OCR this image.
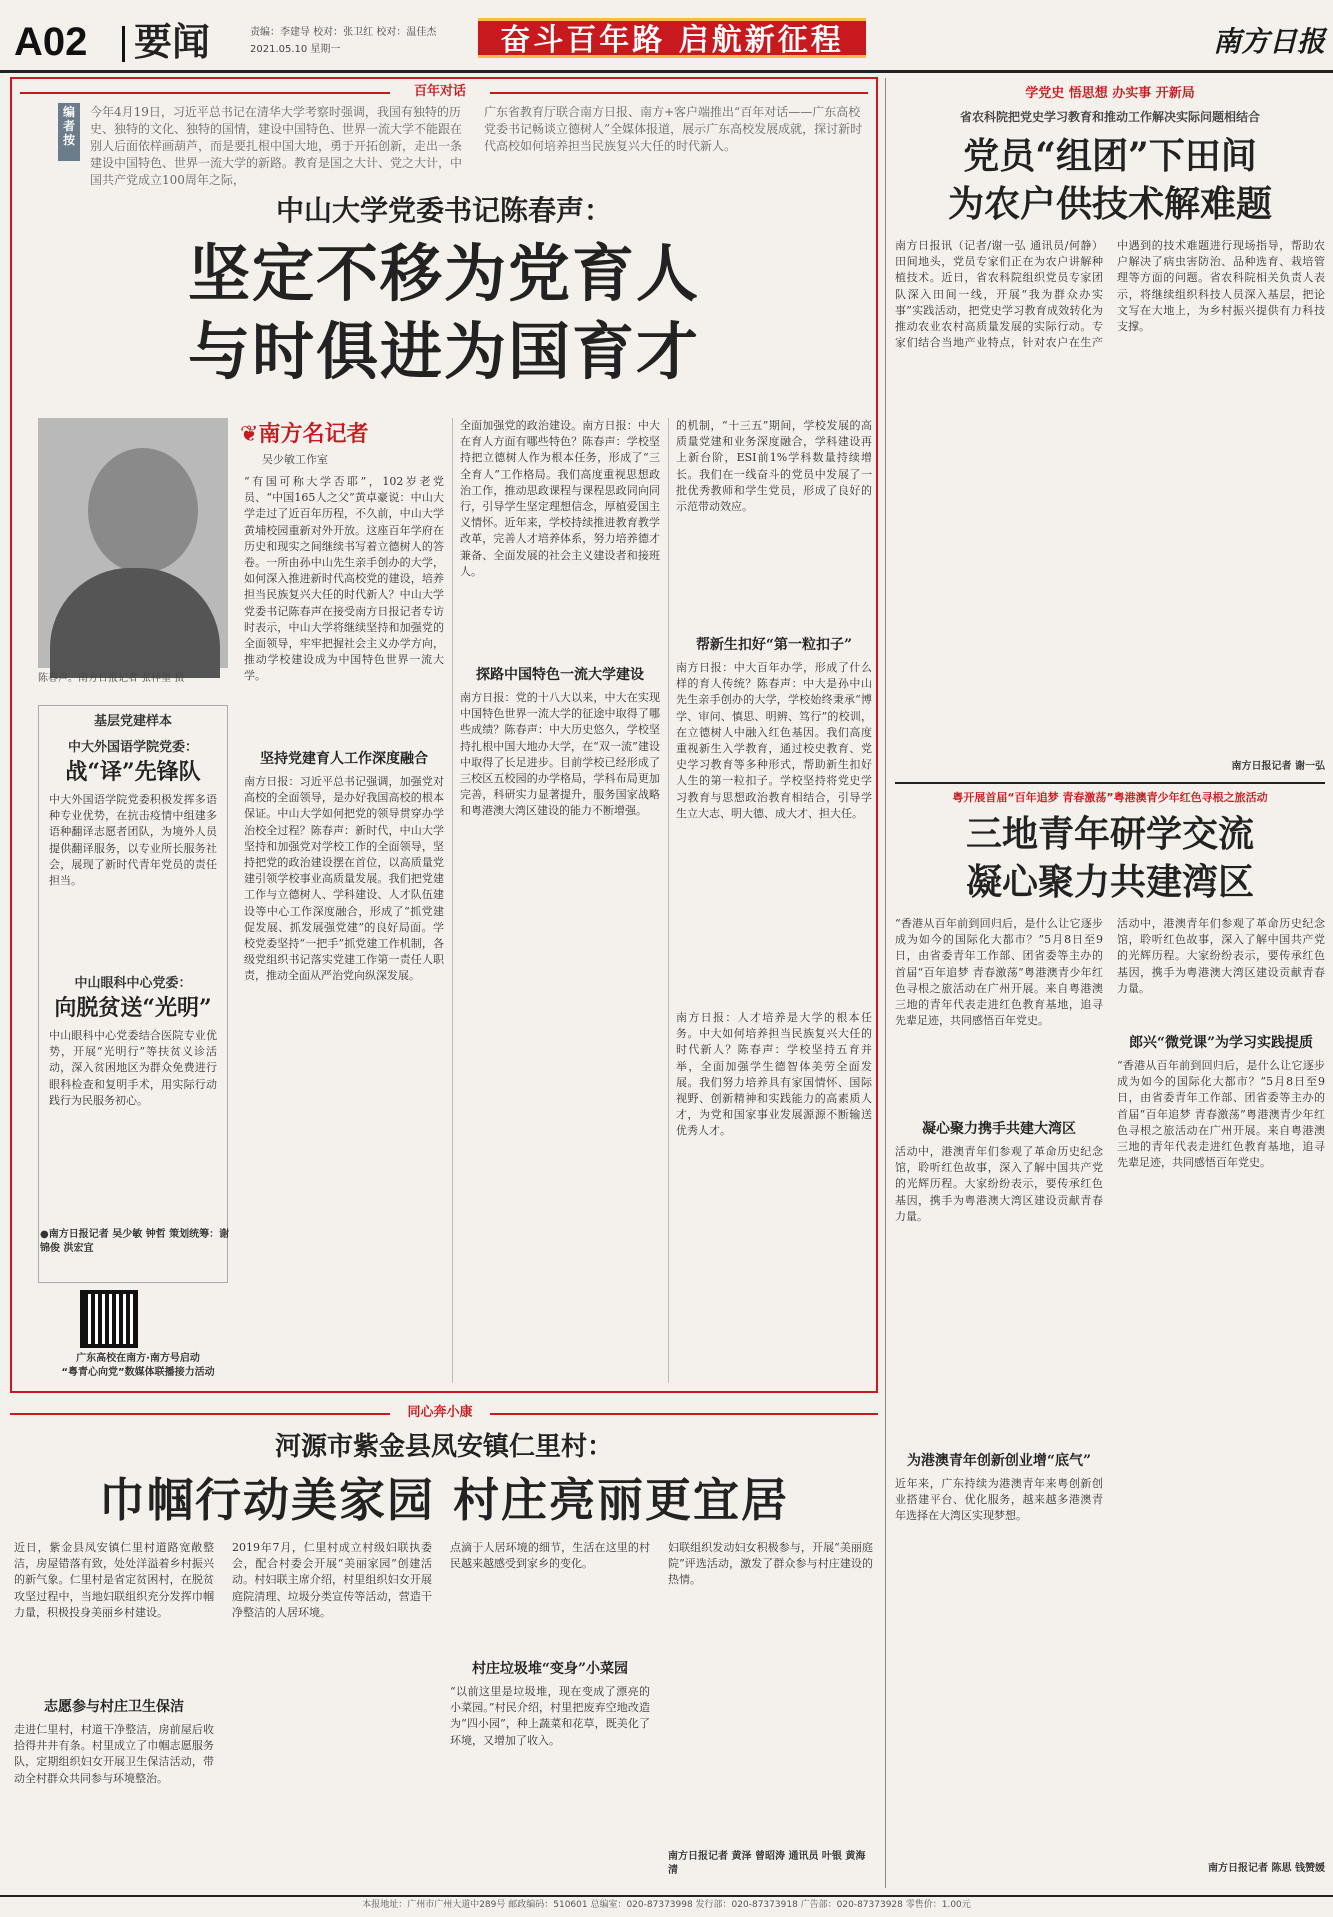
A02 要闻	责编：李建导 校对：张卫红 校对：温佳杰
2021.05.10 星期一	奋斗百年路 启航新征程	南方日报
百年对话
编者按
今年4月19日，习近平总书记在清华大学考察时强调，我国有独特的历史、独特的文化、独特的国情，建设中国特色、世界一流大学不能跟在别人后面依样画葫芦，而是要扎根中国大地，勇于开拓创新，走出一条建设中国特色、世界一流大学的新路。教育是国之大计、党之大计，中国共产党成立100周年之际，
广东省教育厅联合南方日报、南方+客户端推出“百年对话——广东高校党委书记畅谈立德树人”全媒体报道，展示广东高校发展成就，探讨新时代高校如何培养担当民族复兴大任的时代新人。
中山大学党委书记陈春声：
坚定不移为党育人
与时俱进为国育才
陈春声。南方日报记者 张梓望 摄
❦南方名记者
吴少敏工作室
基层党建样本
中大外国语学院党委：
战“译”先锋队
中大外国语学院党委积极发挥多语种专业优势，在抗击疫情中组建多语种翻译志愿者团队，为境外人员提供翻译服务，以专业所长服务社会，展现了新时代青年党员的责任担当。
中山眼科中心党委：
向脱贫送“光明”
中山眼科中心党委结合医院专业优势，开展“光明行”等扶贫义诊活动，深入贫困地区为群众免费进行眼科检查和复明手术，用实际行动践行为民服务初心。
●南方日报记者 吴少敏 钟哲 策划统筹：谢锦俊 洪宏宜
广东高校在南方·南方号启动
“粤青心向党”数媒体联播接力活动
“有国可称大学否耶”，102岁老党员、“中国165人之父”黄卓豪说：中山大学走过了近百年历程，不久前，中山大学黄埔校园重新对外开放。这座百年学府在历史和现实之间继续书写着立德树人的答卷。一所由孙中山先生亲手创办的大学，如何深入推进新时代高校党的建设，培养担当民族复兴大任的时代新人？中山大学党委书记陈春声在接受南方日报记者专访时表示，中山大学将继续坚持和加强党的全面领导，牢牢把握社会主义办学方向，推动学校建设成为中国特色世界一流大学。
坚持党建育人工作深度融合
南方日报：习近平总书记强调，加强党对高校的全面领导，是办好我国高校的根本保证。中山大学如何把党的领导贯穿办学治校全过程？陈春声：新时代，中山大学坚持和加强党对学校工作的全面领导，坚持把党的政治建设摆在首位，以高质量党建引领学校事业高质量发展。我们把党建工作与立德树人、学科建设、人才队伍建设等中心工作深度融合，形成了“抓党建促发展、抓发展强党建”的良好局面。学校党委坚持“一把手”抓党建工作机制，各级党组织书记落实党建工作第一责任人职责，推动全面从严治党向纵深发展。
全面加强党的政治建设。南方日报：中大在育人方面有哪些特色？陈春声：学校坚持把立德树人作为根本任务，形成了“三全育人”工作格局。我们高度重视思想政治工作，推动思政课程与课程思政同向同行，引导学生坚定理想信念，厚植爱国主义情怀。近年来，学校持续推进教育教学改革，完善人才培养体系，努力培养德才兼备、全面发展的社会主义建设者和接班人。
探路中国特色一流大学建设
南方日报：党的十八大以来，中大在实现中国特色世界一流大学的征途中取得了哪些成绩？陈春声：中大历史悠久，学校坚持扎根中国大地办大学，在“双一流”建设中取得了长足进步。目前学校已经形成了三校区五校园的办学格局，学科布局更加完善，科研实力显著提升，服务国家战略和粤港澳大湾区建设的能力不断增强。
的机制，“十三五”期间，学校发展的高质量党建和业务深度融合，学科建设再上新台阶，ESI前1%学科数量持续增长。我们在一线奋斗的党员中发展了一批优秀教师和学生党员，形成了良好的示范带动效应。
帮新生扣好“第一粒扣子”
南方日报：中大百年办学，形成了什么样的育人传统？陈春声：中大是孙中山先生亲手创办的大学，学校始终秉承“博学、审问、慎思、明辨、笃行”的校训，在立德树人中融入红色基因。我们高度重视新生入学教育，通过校史教育、党史学习教育等多种形式，帮助新生扣好人生的第一粒扣子。学校坚持将党史学习教育与思想政治教育相结合，引导学生立大志、明大德、成大才、担大任。
南方日报：人才培养是大学的根本任务。中大如何培养担当民族复兴大任的时代新人？陈春声：学校坚持五育并举，全面加强学生德智体美劳全面发展。我们努力培养具有家国情怀、国际视野、创新精神和实践能力的高素质人才，为党和国家事业发展源源不断输送优秀人才。
同心奔小康
河源市紫金县凤安镇仁里村：
巾帼行动美家园 村庄亮丽更宜居
近日，紫金县凤安镇仁里村道路宽敞整洁，房屋错落有致，处处洋溢着乡村振兴的新气象。仁里村是省定贫困村，在脱贫攻坚过程中，当地妇联组织充分发挥巾帼力量，积极投身美丽乡村建设。
志愿参与村庄卫生保洁
走进仁里村，村道干净整洁，房前屋后收拾得井井有条。村里成立了巾帼志愿服务队，定期组织妇女开展卫生保洁活动，带动全村群众共同参与环境整治。
2019年7月，仁里村成立村级妇联执委会，配合村委会开展“美丽家园”创建活动。村妇联主席介绍，村里组织妇女开展庭院清理、垃圾分类宣传等活动，营造干净整洁的人居环境。
点滴于人居环境的细节，生活在这里的村民越来越感受到家乡的变化。
村庄垃圾堆“变身”小菜园
“以前这里是垃圾堆，现在变成了漂亮的小菜园。”村民介绍，村里把废弃空地改造为“四小园”，种上蔬菜和花草，既美化了环境，又增加了收入。
妇联组织发动妇女积极参与，开展“美丽庭院”评选活动，激发了群众参与村庄建设的热情。
南方日报记者 黄泽 曾昭涛 通讯员 叶银 黄海清
学党史 悟思想 办实事 开新局
省农科院把党史学习教育和推动工作解决实际问题相结合
党员“组团”下田间
为农户供技术解难题
南方日报讯（记者/谢一弘 通讯员/何静）田间地头，党员专家们正在为农户讲解种植技术。近日，省农科院组织党员专家团队深入田间一线，开展“我为群众办实事”实践活动，把党史学习教育成效转化为推动农业农村高质量发展的实际行动。专家们结合当地产业特点，针对农户在生产中遇到的技术难题进行现场指导，帮助农户解决了病虫害防治、品种选育、栽培管理等方面的问题。省农科院相关负责人表示，将继续组织科技人员深入基层，把论文写在大地上，为乡村振兴提供有力科技支撑。
南方日报记者 谢一弘
粤开展首届“百年追梦 青春激荡”粤港澳青少年红色寻根之旅活动
三地青年研学交流
凝心聚力共建湾区
“香港从百年前到回归后，是什么让它逐步成为如今的国际化大都市？”5月8日至9日，由省委青年工作部、团省委等主办的首届“百年追梦 青春激荡”粤港澳青少年红色寻根之旅活动在广州开展。来自粤港澳三地的青年代表走进红色教育基地，追寻先辈足迹，共同感悟百年党史。
凝心聚力携手共建大湾区
活动中，港澳青年们参观了革命历史纪念馆，聆听红色故事，深入了解中国共产党的光辉历程。大家纷纷表示，要传承红色基因，携手为粤港澳大湾区建设贡献青春力量。
为港澳青年创新创业增“底气”
近年来，广东持续为港澳青年来粤创新创业搭建平台、优化服务，越来越多港澳青年选择在大湾区实现梦想。
活动中，港澳青年们参观了革命历史纪念馆，聆听红色故事，深入了解中国共产党的光辉历程。大家纷纷表示，要传承红色基因，携手为粤港澳大湾区建设贡献青春力量。
郎兴“微党课”为学习实践提质
“香港从百年前到回归后，是什么让它逐步成为如今的国际化大都市？”5月8日至9日，由省委青年工作部、团省委等主办的首届“百年追梦 青春激荡”粤港澳青少年红色寻根之旅活动在广州开展。来自粤港澳三地的青年代表走进红色教育基地，追寻先辈足迹，共同感悟百年党史。
南方日报记者 陈思 钱赞媛
本报地址：广州市广州大道中289号 邮政编码：510601 总编室：020-87373998 发行部：020-87373918 广告部：020-87373928 零售价：1.00元
